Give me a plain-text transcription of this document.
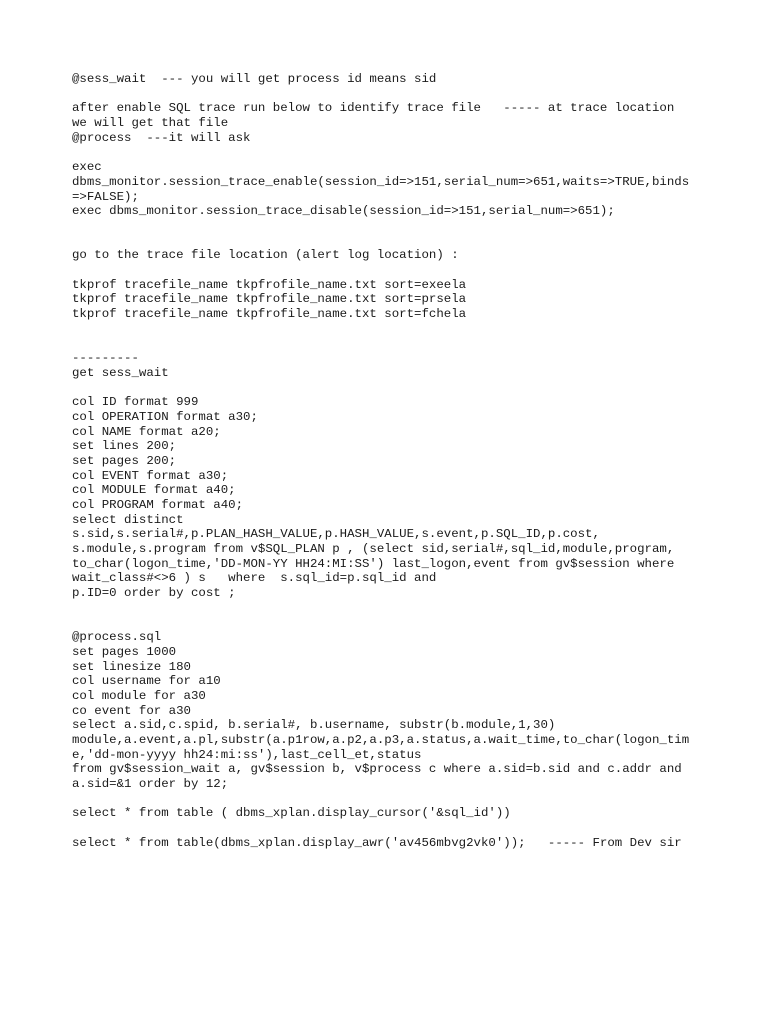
@sess_wait  --- you will get process id means sid
after enable SQL trace run below to identify trace file   ----- at trace location
we will get that file
@process  ---it will ask
exec
dbms_monitor.session_trace_enable(session_id=>151,serial_num=>651,waits=>TRUE,binds
=>FALSE);
exec dbms_monitor.session_trace_disable(session_id=>151,serial_num=>651);
go to the trace file location (alert log location) :
tkprof tracefile_name tkpfrofile_name.txt sort=exeela
tkprof tracefile_name tkpfrofile_name.txt sort=prsela
tkprof tracefile_name tkpfrofile_name.txt sort=fchela
---------
get sess_wait
col ID format 999
col OPERATION format a30;
col NAME format a20;
set lines 200;
set pages 200;
col EVENT format a30;
col MODULE format a40;
col PROGRAM format a40;
select distinct
s.sid,s.serial#,p.PLAN_HASH_VALUE,p.HASH_VALUE,s.event,p.SQL_ID,p.cost,
s.module,s.program from v$SQL_PLAN p , (select sid,serial#,sql_id,module,program,
to_char(logon_time,'DD-MON-YY HH24:MI:SS') last_logon,event from gv$session where
wait_class#<>6 ) s   where  s.sql_id=p.sql_id and
p.ID=0 order by cost ;
@process.sql
set pages 1000
set linesize 180
col username for a10
col module for a30
co event for a30
select a.sid,c.spid, b.serial#, b.username, substr(b.module,1,30)
module,a.event,a.pl,substr(a.p1row,a.p2,a.p3,a.status,a.wait_time,to_char(logon_tim
e,'dd-mon-yyyy hh24:mi:ss'),last_cell_et,status
from gv$session_wait a, gv$session b, v$process c where a.sid=b.sid and c.addr and
a.sid=&1 order by 12;
select * from table ( dbms_xplan.display_cursor('&sql_id'))
select * from table(dbms_xplan.display_awr('av456mbvg2vk0'));   ----- From Dev sir
